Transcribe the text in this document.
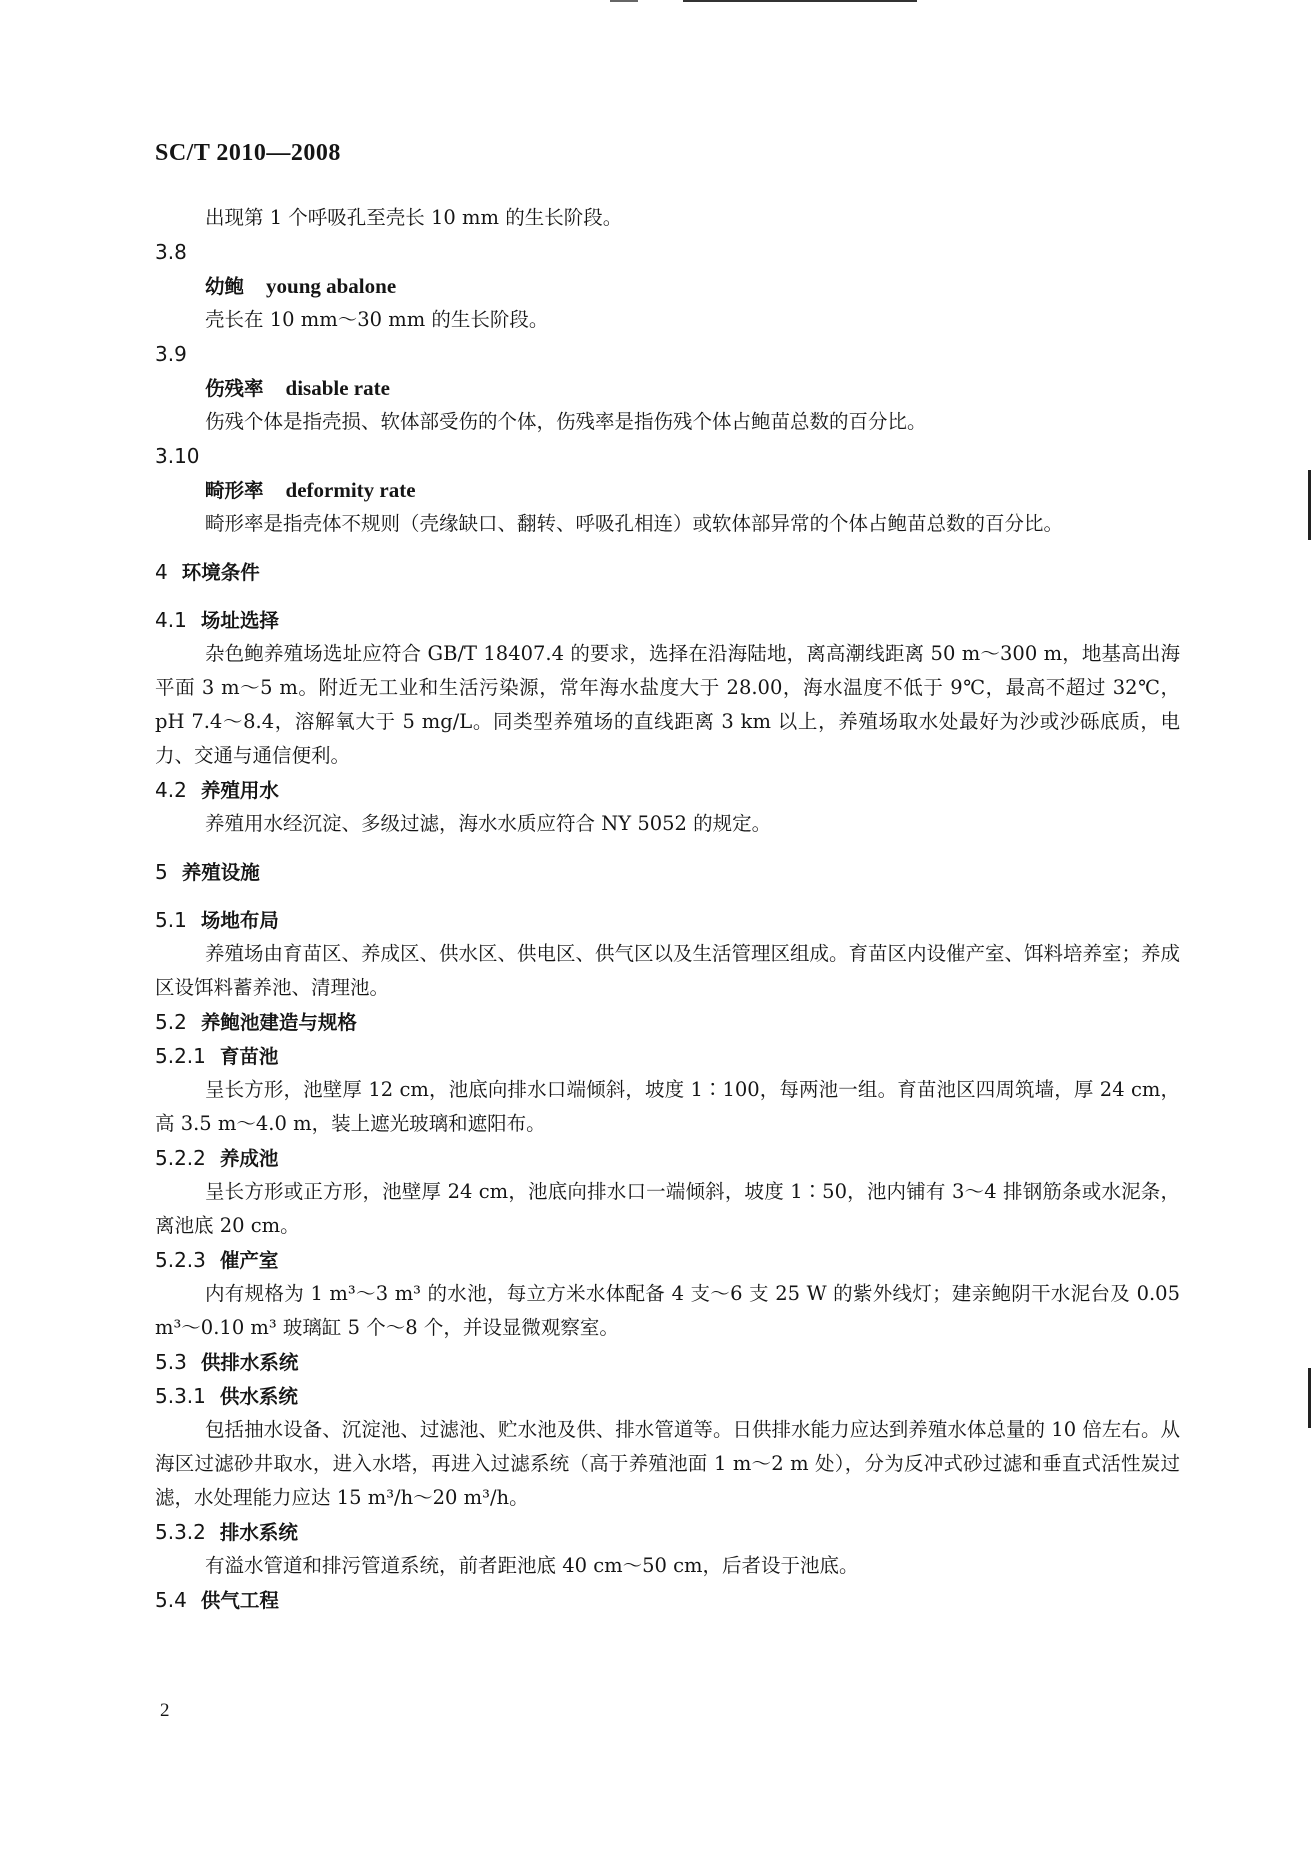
SC/T 2010—2008
出现第 1 个呼吸孔至壳长 10 mm 的生长阶段。
3.8
幼鲍 young abalone
壳长在 10 mm～30 mm 的生长阶段。
3.9
伤残率 disable rate
伤残个体是指壳损、软体部受伤的个体，伤残率是指伤残个体占鲍苗总数的百分比。
3.10
畸形率 deformity rate
畸形率是指壳体不规则（壳缘缺口、翻转、呼吸孔相连）或软体部异常的个体占鲍苗总数的百分比。
4 环境条件
4.1 场址选择
杂色鲍养殖场选址应符合 GB/T 18407.4 的要求，选择在沿海陆地，离高潮线距离 50 m～300 m，地基高出海平面 3 m～5 m。附近无工业和生活污染源，常年海水盐度大于 28.00，海水温度不低于 9℃，最高不超过 32℃，pH 7.4～8.4，溶解氧大于 5 mg/L。同类型养殖场的直线距离 3 km 以上，养殖场取水处最好为沙或沙砾底质，电力、交通与通信便利。
4.2 养殖用水
养殖用水经沉淀、多级过滤，海水水质应符合 NY 5052 的规定。
5 养殖设施
5.1 场地布局
养殖场由育苗区、养成区、供水区、供电区、供气区以及生活管理区组成。育苗区内设催产室、饵料培养室；养成区设饵料蓄养池、清理池。
5.2 养鲍池建造与规格
5.2.1 育苗池
呈长方形，池壁厚 12 cm，池底向排水口端倾斜，坡度 1∶100，每两池一组。育苗池区四周筑墙，厚 24 cm，高 3.5 m～4.0 m，装上遮光玻璃和遮阳布。
5.2.2 养成池
呈长方形或正方形，池壁厚 24 cm，池底向排水口一端倾斜，坡度 1∶50，池内铺有 3～4 排钢筋条或水泥条，离池底 20 cm。
5.2.3 催产室
内有规格为 1 m³～3 m³ 的水池，每立方米水体配备 4 支～6 支 25 W 的紫外线灯；建亲鲍阴干水泥台及 0.05 m³～0.10 m³ 玻璃缸 5 个～8 个，并设显微观察室。
5.3 供排水系统
5.3.1 供水系统
包括抽水设备、沉淀池、过滤池、贮水池及供、排水管道等。日供排水能力应达到养殖水体总量的 10 倍左右。从海区过滤砂井取水，进入水塔，再进入过滤系统（高于养殖池面 1 m～2 m 处），分为反冲式砂过滤和垂直式活性炭过滤，水处理能力应达 15 m³/h～20 m³/h。
5.3.2 排水系统
有溢水管道和排污管道系统，前者距池底 40 cm～50 cm，后者设于池底。
5.4 供气工程
2
